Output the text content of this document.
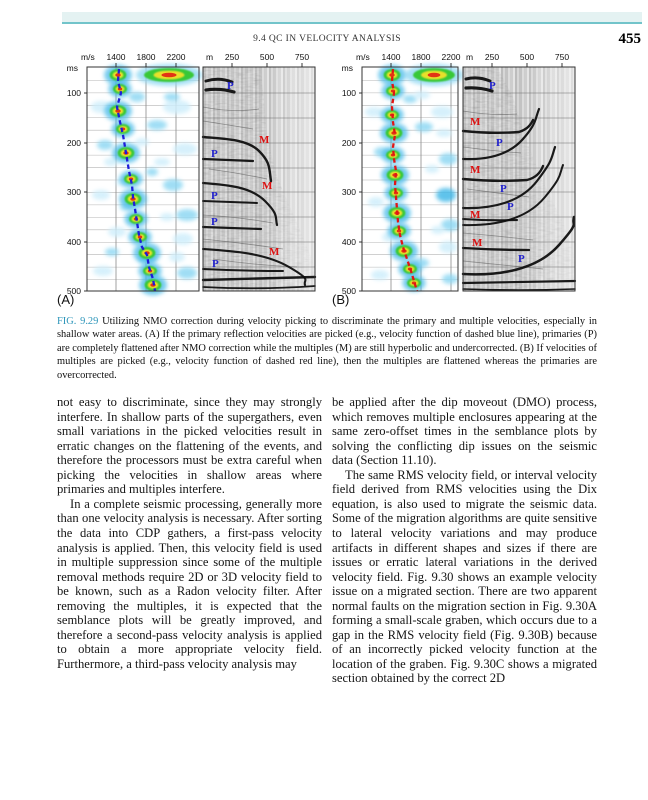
9.4 QC IN VELOCITY ANALYSIS	455
1400 1800 2200
m/s
100
200
300
400
500
ms
P
M
P
M
P
P
M
P
250 500 750
m
(A)
1400 1800 2200
m/s
100
200
300
400
500
ms
P
M
P
M
P
P
M
M
P
250 500 750
m
(B)

FIG. 9.29 Utilizing NMO correction during velocity picking to discriminate the primary and multiple velocities, especially in shallow water areas. (A) If the primary reflection velocities are picked (e.g., velocity function of dashed blue line), primaries (P) are completely flattened after NMO correction while the multiples (M) are still hyperbolic and undercorrected. (B) If velocities of multiples are picked (e.g., velocity function of dashed red line), then the multiples are flattened whereas the primaries are overcorrected.

not easy to discriminate, since they may strongly interfere. In shallow parts of the supergathers, even small variations in the picked velocities result in erratic changes on the flattening of the events, and therefore the processors must be extra careful when picking the velocities in shallow areas where primaries and multiples interfere.

In a complete seismic processing, generally more than one velocity analysis is necessary. After sorting the data into CDP gathers, a first-pass velocity analysis is applied. Then, this velocity field is used in multiple suppression since some of the multiple removal methods require 2D or 3D velocity field to be known, such as a Radon velocity filter. After removing the multiples, it is expected that the semblance plots will be greatly improved, and therefore a second-pass velocity analysis is applied to obtain a more appropriate velocity field. Furthermore, a third-pass velocity analysis may

be applied after the dip moveout (DMO) process, which removes multiple enclosures appearing at the same zero-offset times in the semblance plots by solving the conflicting dip issues on the seismic data (Section 11.10).

The same RMS velocity field, or interval velocity field derived from RMS velocities using the Dix equation, is also used to migrate the seismic data. Some of the migration algorithms are quite sensitive to lateral velocity variations and may produce artifacts in different shapes and sizes if there are issues or erratic lateral variations in the derived velocity field. Fig. 9.30 shows an example velocity issue on a migrated section. There are two apparent normal faults on the migration section in Fig. 9.30A forming a small-scale graben, which occurs due to a gap in the RMS velocity field (Fig. 9.30B) because of an incorrectly picked velocity function at the location of the graben. Fig. 9.30C shows a migrated section obtained by the correct 2D
